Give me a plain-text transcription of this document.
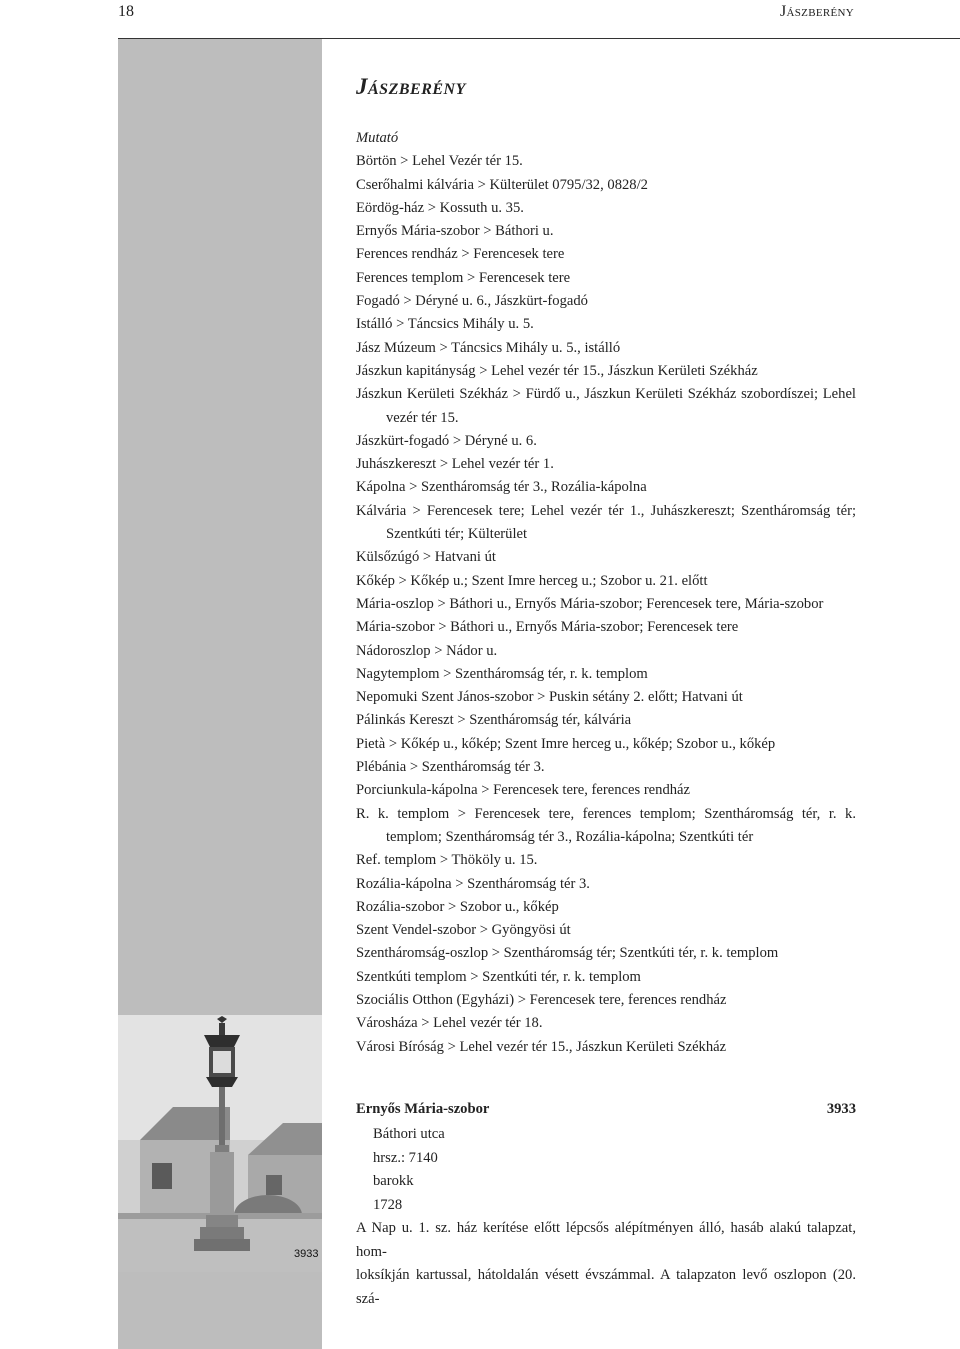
18	Jászberény
3933
Jászberény
Mutató
Börtön > Lehel Vezér tér 15.
Cserőhalmi kálvária > Külterület 0795/32, 0828/2
Eördög-ház > Kossuth u. 35.
Ernyős Mária-szobor > Báthori u.
Ferences rendház > Ferencesek tere
Ferences templom > Ferencesek tere
Fogadó > Déryné u. 6., Jászkürt-fogadó
Istálló > Táncsics Mihály u. 5.
Jász Múzeum > Táncsics Mihály u. 5., istálló
Jászkun kapitányság > Lehel vezér tér 15., Jászkun Kerületi Székház
Jászkun Kerületi Székház > Fürdő u., Jászkun Kerületi Székház szobordíszei; Lehel vezér tér 15.
Jászkürt-fogadó > Déryné u. 6.
Juhászkereszt > Lehel vezér tér 1.
Kápolna > Szentháromság tér 3., Rozália-kápolna
Kálvária > Ferencesek tere; Lehel vezér tér 1., Juhászkereszt; Szentháromság tér; Szentkúti tér; Külterület
Külsőzúgó > Hatvani út
Kőkép > Kőkép u.; Szent Imre herceg u.; Szobor u. 21. előtt
Mária-oszlop > Báthori u., Ernyős Mária-szobor; Ferencesek tere, Mária-szobor
Mária-szobor > Báthori u., Ernyős Mária-szobor; Ferencesek tere
Nádoroszlop > Nádor u.
Nagytemplom > Szentháromság tér, r. k. templom
Nepomuki Szent János-szobor > Puskin sétány 2. előtt; Hatvani út
Pálinkás Kereszt > Szentháromság tér, kálvária
Pietà > Kőkép u., kőkép; Szent Imre herceg u., kőkép; Szobor u., kőkép
Plébánia > Szentháromság tér 3.
Porciunkula-kápolna > Ferencesek tere, ferences rendház
R. k. templom > Ferencesek tere, ferences templom; Szentháromság tér, r. k. templom; Szentháromság tér 3., Rozália-kápolna; Szentkúti tér
Ref. templom > Thököly u. 15.
Rozália-kápolna > Szentháromság tér 3.
Rozália-szobor > Szobor u., kőkép
Szent Vendel-szobor > Gyöngyösi út
Szentháromság-oszlop > Szentháromság tér; Szentkúti tér, r. k. templom
Szentkúti templom > Szentkúti tér, r. k. templom
Szociális Otthon (Egyházi) > Ferencesek tere, ferences rendház
Városháza > Lehel vezér tér 18.
Városi Bíróság > Lehel vezér tér 15., Jászkun Kerületi Székház
Ernyős Mária-szobor	3933
Báthori utca
hrsz.: 7140
barokk
1728
A Nap u. 1. sz. ház kerítése előtt lépcsős alépítményen álló, hasáb alakú talapzat, hom-
loksíkján kartussal, hátoldalán vésett évszámmal. A talapzaton levő oszlopon (20. szá-
